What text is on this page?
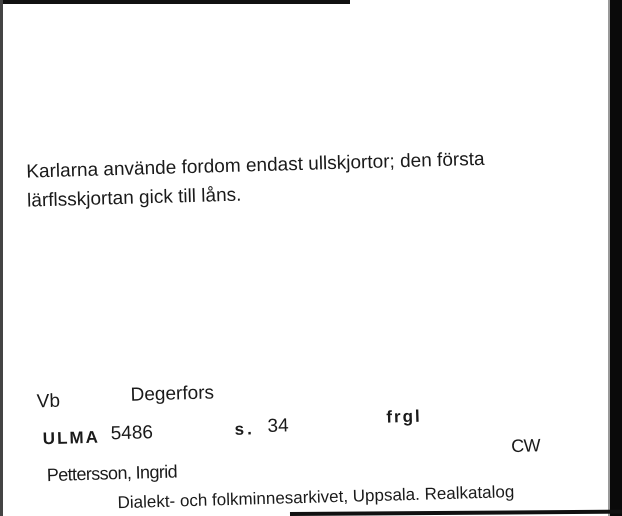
Karlarna använde fordom endast ullskjortor; den första
lärflsskjortan gick till låns.

Vb	Degerfors
ULMA 5486	s. 34	frgl
Pettersson, Ingrid
CW
Dialekt- och folkminnesarkivet, Uppsala. Realkatalog
